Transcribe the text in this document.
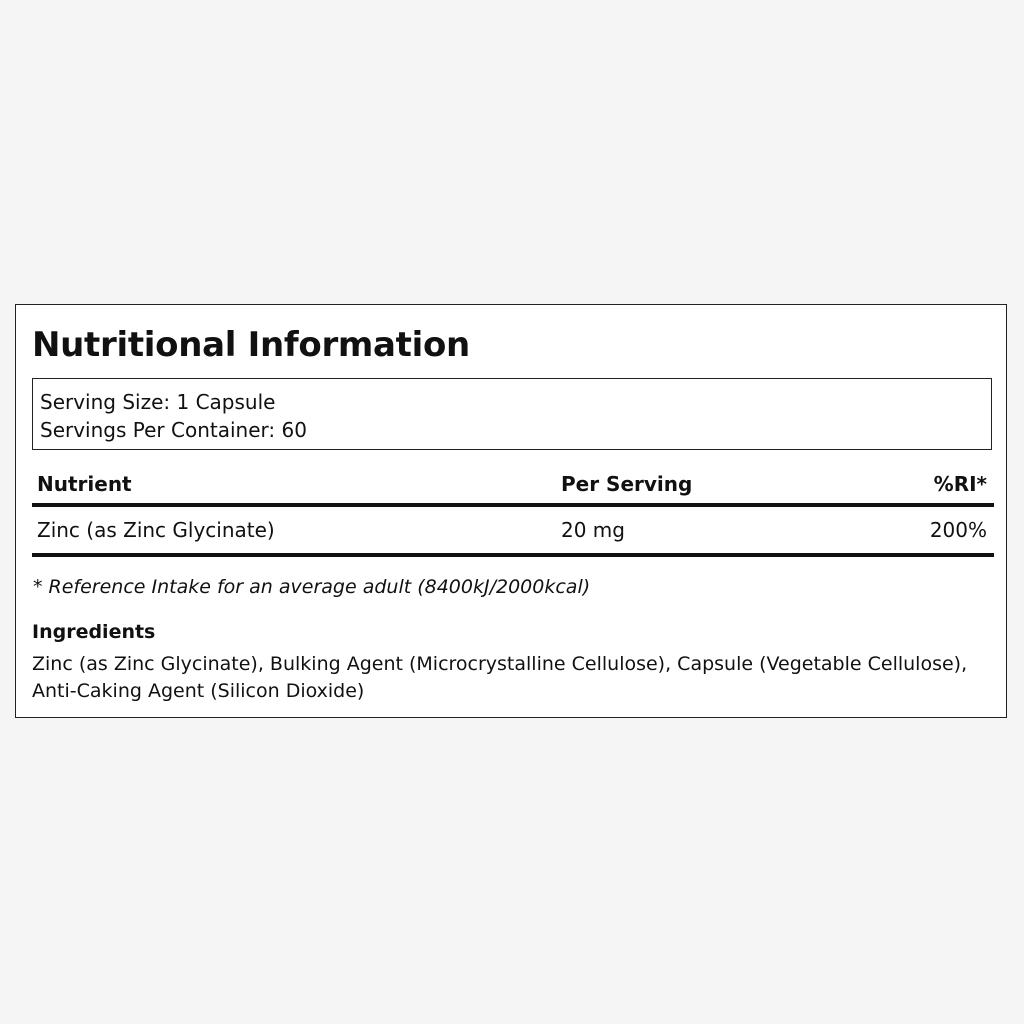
Nutritional Information
Serving Size: 1 Capsule
Servings Per Container: 60
Nutrient	Per Serving	%RI*
Zinc (as Zinc Glycinate)	20 mg	200%
* Reference Intake for an average adult (8400kJ/2000kcal)
Ingredients

Zinc (as Zinc Glycinate), Bulking Agent (Microcrystalline Cellulose), Capsule (Vegetable Cellulose), Anti-Caking Agent (Silicon Dioxide)
